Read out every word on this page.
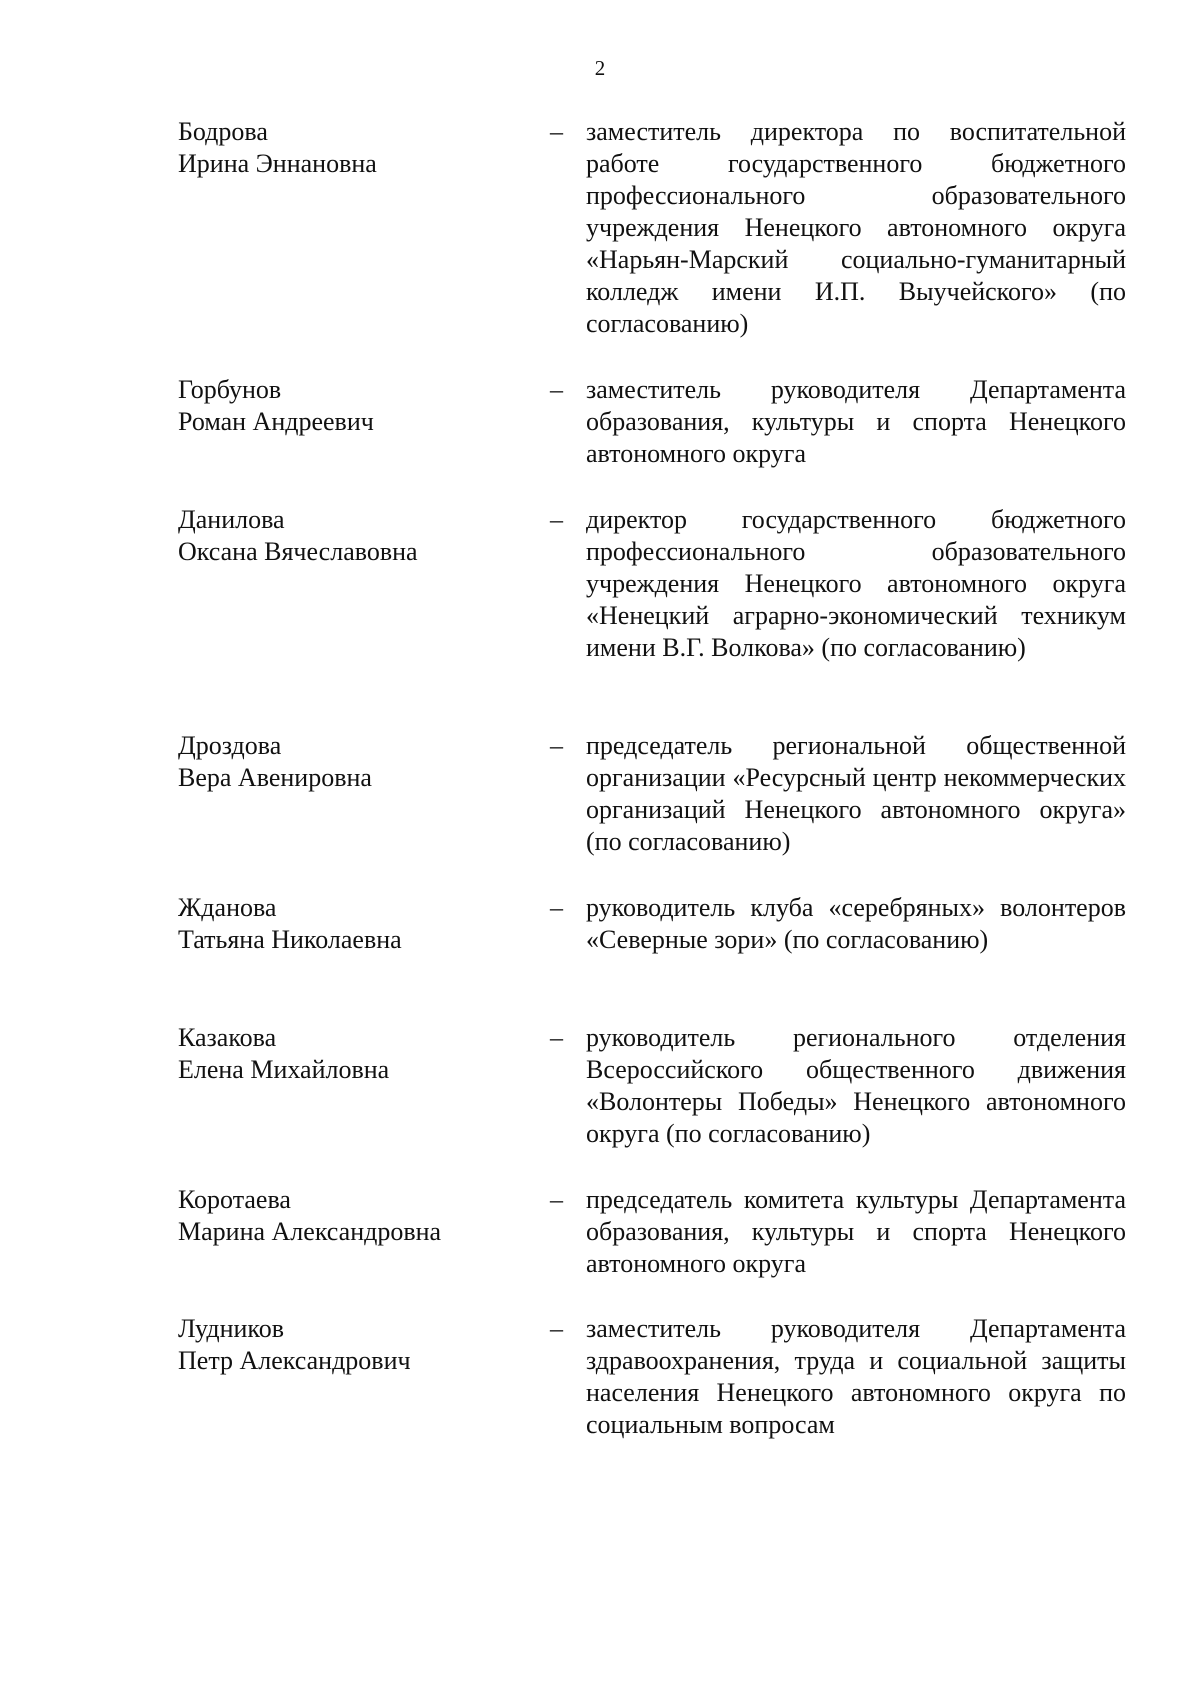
2
Бодрова
Ирина Эннановна
– заместитель директора по воспитательной работе государственного бюджетного профессионального образовательного учреждения Ненецкого автономного округа «Нарьян-Марский социально-гуманитарный колледж имени И.П. Выучейского» (по согласованию)
Горбунов
Роман Андреевич
– заместитель руководителя Департамента образования, культуры и спорта Ненецкого автономного округа
Данилова
Оксана Вячеславовна
– директор государственного бюджетного профессионального образовательного учреждения Ненецкого автономного округа «Ненецкий аграрно-экономический техникум имени В.Г. Волкова» (по согласованию)
Дроздова
Вера Авенировна
– председатель региональной общественной организации «Ресурсный центр некоммерческих организаций Ненецкого автономного округа» (по согласованию)
Жданова
Татьяна Николаевна
– руководитель клуба «серебряных» волонтеров «Северные зори» (по согласованию)
Казакова
Елена Михайловна
– руководитель регионального отделения Всероссийского общественного движения «Волонтеры Победы» Ненецкого автономного округа (по согласованию)
Коротаева
Марина Александровна
– председатель комитета культуры Департамента образования, культуры и спорта Ненецкого автономного округа
Лудников
Петр Александрович
– заместитель руководителя Департамента здравоохранения, труда и социальной защиты населения Ненецкого автономного округа по социальным вопросам
